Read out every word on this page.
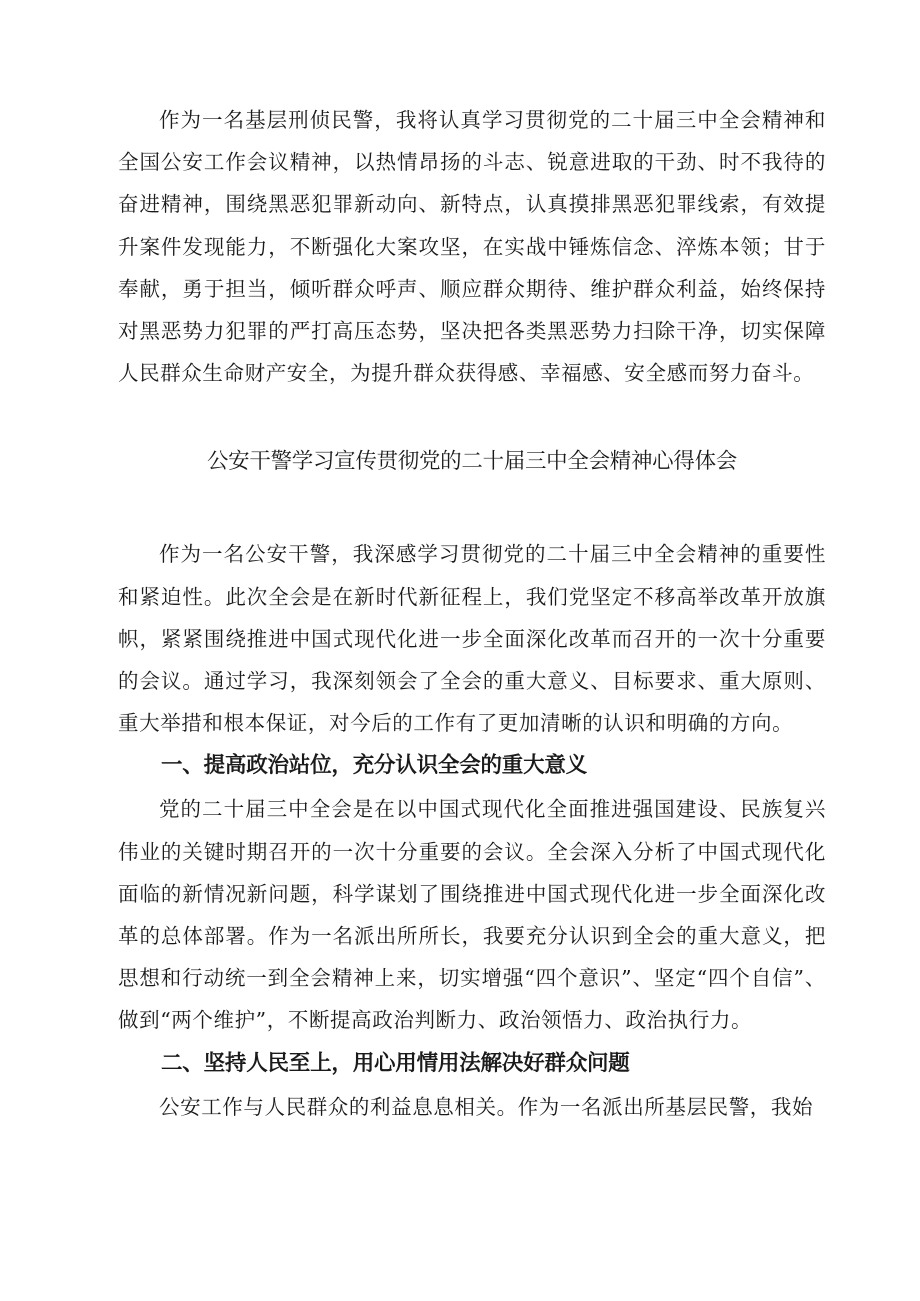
作为一名基层刑侦民警，我将认真学习贯彻党的二十届三中全会精神和全国公安工作会议精神，以热情昂扬的斗志、锐意进取的干劲、时不我待的奋进精神，围绕黑恶犯罪新动向、新特点，认真摸排黑恶犯罪线索，有效提升案件发现能力，不断强化大案攻坚，在实战中锤炼信念、淬炼本领；甘于奉献，勇于担当，倾听群众呼声、顺应群众期待、维护群众利益，始终保持对黑恶势力犯罪的严打高压态势，坚决把各类黑恶势力扫除干净，切实保障人民群众生命财产安全，为提升群众获得感、幸福感、安全感而努力奋斗。

公安干警学习宣传贯彻党的二十届三中全会精神心得体会

作为一名公安干警，我深感学习贯彻党的二十届三中全会精神的重要性和紧迫性。此次全会是在新时代新征程上，我们党坚定不移高举改革开放旗帜，紧紧围绕推进中国式现代化进一步全面深化改革而召开的一次十分重要的会议。通过学习，我深刻领会了全会的重大意义、目标要求、重大原则、重大举措和根本保证，对今后的工作有了更加清晰的认识和明确的方向。

一、提高政治站位，充分认识全会的重大意义

党的二十届三中全会是在以中国式现代化全面推进强国建设、民族复兴伟业的关键时期召开的一次十分重要的会议。全会深入分析了中国式现代化面临的新情况新问题，科学谋划了围绕推进中国式现代化进一步全面深化改革的总体部署。作为一名派出所所长，我要充分认识到全会的重大意义，把思想和行动统一到全会精神上来，切实增强“四个意识”、坚定“四个自信”、做到“两个维护”，不断提高政治判断力、政治领悟力、政治执行力。

二、坚持人民至上，用心用情用法解决好群众问题

公安工作与人民群众的利益息息相关。作为一名派出所基层民警，我始
